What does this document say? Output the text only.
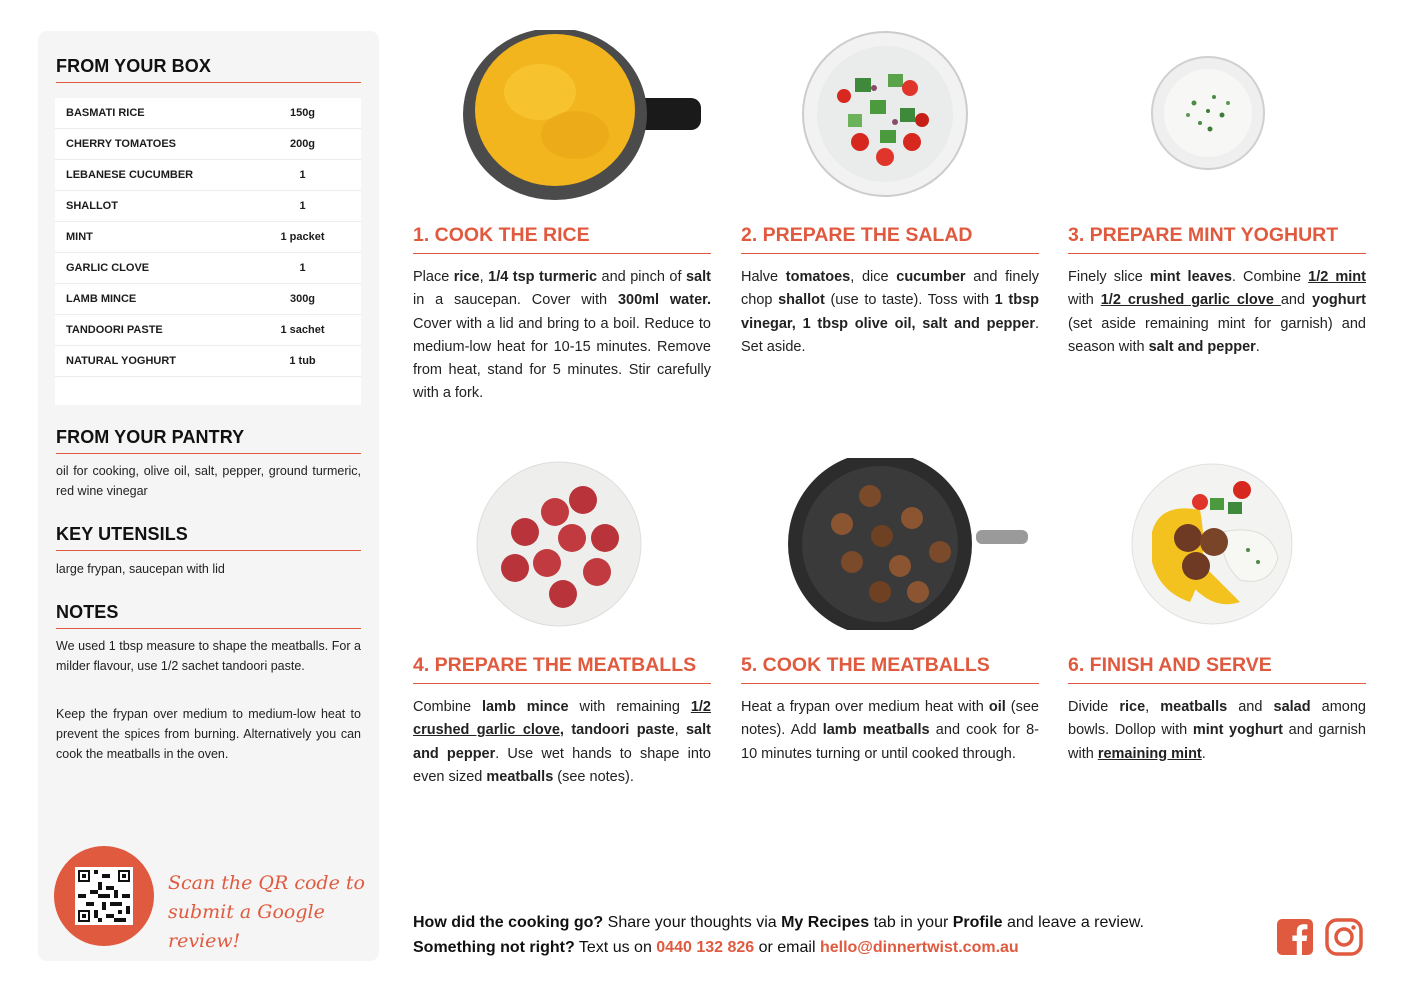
FROM YOUR BOX
BASMATI RICE	150g
CHERRY TOMATOES	200g
LEBANESE CUCUMBER	1
SHALLOT	1
MINT	1 packet
GARLIC CLOVE	1
LAMB MINCE	300g
TANDOORI PASTE	1 sachet
NATURAL YOGHURT	1 tub
FROM YOUR PANTRY
oil for cooking, olive oil, salt, pepper, ground turmeric, red wine vinegar
KEY UTENSILS
large frypan, saucepan with lid
NOTES
We used 1 tbsp measure to shape the meatballs. For a milder flavour, use 1/2 sachet tandoori paste.
Keep the frypan over medium to medium-low heat to prevent the spices from burning. Alternatively you can cook the meatballs in the oven.
Scan the QR code to
submit a Google review!
1. COOK THE RICE
Place rice, 1/4 tsp turmeric and pinch of salt in a saucepan. Cover with 300ml water. Cover with a lid and bring to a boil. Reduce to medium-low heat for 10-15 minutes. Remove from heat, stand for 5 minutes. Stir carefully with a fork.
2. PREPARE THE SALAD
Halve tomatoes, dice cucumber and finely chop shallot (use to taste). Toss with 1 tbsp vinegar, 1 tbsp olive oil, salt and pepper. Set aside.
3. PREPARE MINT YOGHURT
Finely slice mint leaves. Combine 1/2 mint with 1/2 crushed garlic clove and yoghurt (set aside remaining mint for garnish) and season with salt and pepper.
4. PREPARE THE MEATBALLS
Combine lamb mince with remaining 1/2 crushed garlic clove, tandoori paste, salt and pepper. Use wet hands to shape into even sized meatballs (see notes).
5. COOK THE MEATBALLS
Heat a frypan over medium heat with oil (see notes). Add lamb meatballs and cook for 8-10 minutes turning or until cooked through.
6. FINISH AND SERVE
Divide rice, meatballs and salad among bowls. Dollop with mint yoghurt and garnish with remaining mint.
How did the cooking go? Share your thoughts via My Recipes tab in your Profile and leave a review.
Something not right? Text us on 0440 132 826 or email hello@dinnertwist.com.au
